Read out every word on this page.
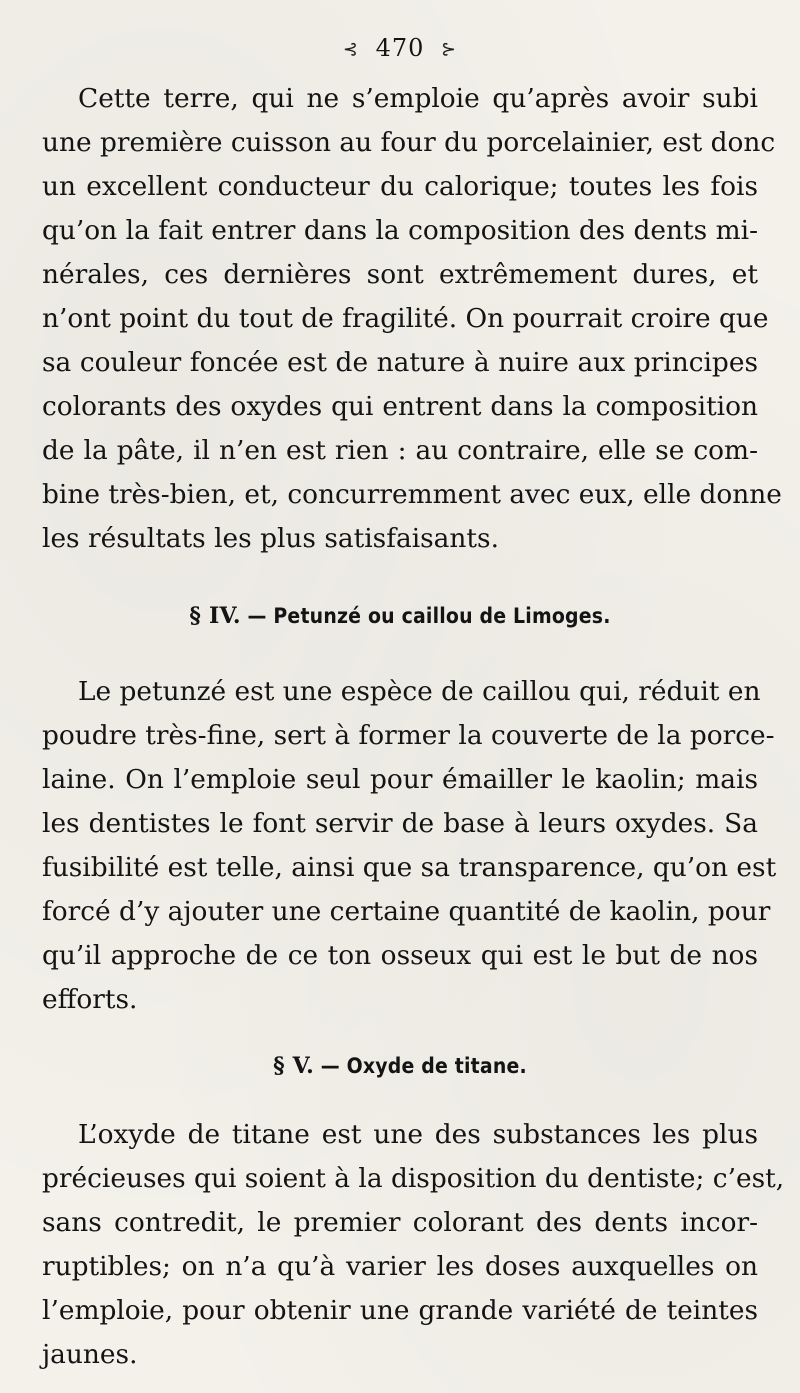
⊰ 470 ⊱
Cette terre, qui ne s’emploie qu’après avoir subi
une première cuisson au four du porcelainier, est donc
un excellent conducteur du calorique; toutes les fois
qu’on la fait entrer dans la composition des dents mi-
nérales, ces dernières sont extrêmement dures, et
n’ont point du tout de fragilité. On pourrait croire que
sa couleur foncée est de nature à nuire aux principes
colorants des oxydes qui entrent dans la composition
de la pâte, il n’en est rien : au contraire, elle se com-
bine très-bien, et, concurremment avec eux, elle donne
les résultats les plus satisfaisants.
§ IV. — Petunzé ou caillou de Limoges.
Le petunzé est une espèce de caillou qui, réduit en
poudre très-fine, sert à former la couverte de la porce-
laine. On l’emploie seul pour émailler le kaolin; mais
les dentistes le font servir de base à leurs oxydes. Sa
fusibilité est telle, ainsi que sa transparence, qu’on est
forcé d’y ajouter une certaine quantité de kaolin, pour
qu’il approche de ce ton osseux qui est le but de nos
efforts.
§ V. — Oxyde de titane.
L’oxyde de titane est une des substances les plus
précieuses qui soient à la disposition du dentiste; c’est,
sans contredit, le premier colorant des dents incor-
ruptibles; on n’a qu’à varier les doses auxquelles on
l’emploie, pour obtenir une grande variété de teintes
jaunes.
